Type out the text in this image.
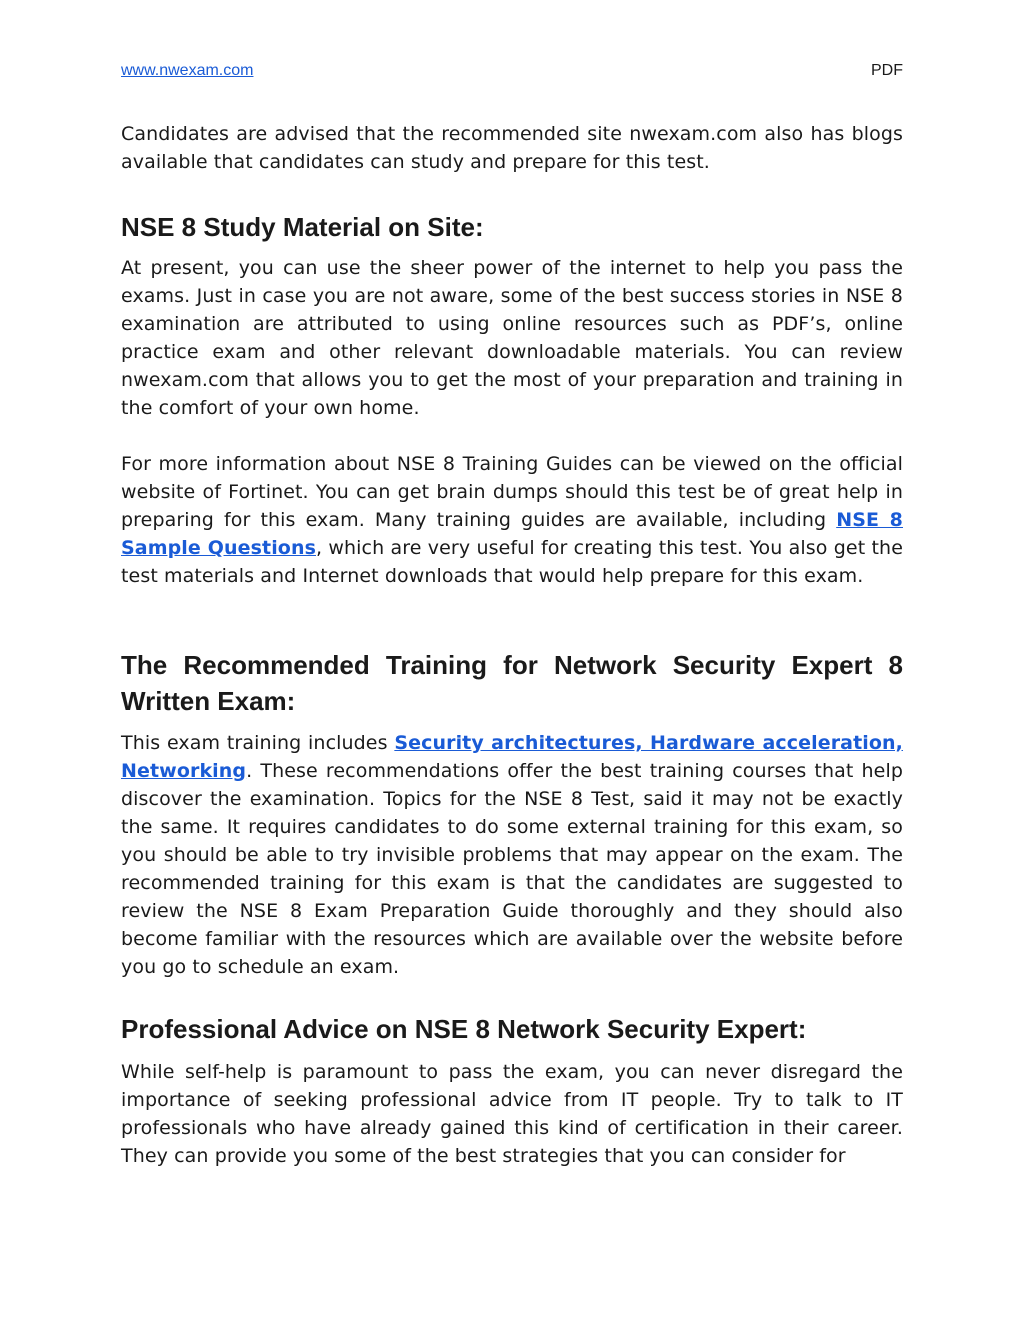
www.nwexam.com	PDF

Candidates are advised that the recommended site nwexam.com also has blogs available that candidates can study and prepare for this test.

NSE 8 Study Material on Site:

At present, you can use the sheer power of the internet to help you pass the exams. Just in case you are not aware, some of the best success stories in NSE 8 examination are attributed to using online resources such as PDF’s, online practice exam and other relevant downloadable materials. You can review nwexam.com that allows you to get the most of your preparation and training in the comfort of your own home.

For more information about NSE 8 Training Guides can be viewed on the official website of Fortinet. You can get brain dumps should this test be of great help in preparing for this exam. Many training guides are available, including NSE 8 Sample Questions, which are very useful for creating this test. You also get the test materials and Internet downloads that would help prepare for this exam.

The Recommended Training for Network Security Expert 8 Written Exam:

This exam training includes Security architectures, Hardware acceleration, Networking. These recommendations offer the best training courses that help discover the examination. Topics for the NSE 8 Test, said it may not be exactly the same. It requires candidates to do some external training for this exam, so you should be able to try invisible problems that may appear on the exam. The recommended training for this exam is that the candidates are suggested to review the NSE 8 Exam Preparation Guide thoroughly and they should also become familiar with the resources which are available over the website before you go to schedule an exam.

Professional Advice on NSE 8 Network Security Expert:

While self-help is paramount to pass the exam, you can never disregard the importance of seeking professional advice from IT people. Try to talk to IT professionals who have already gained this kind of certification in their career. They can provide you some of the best strategies that you can consider for
